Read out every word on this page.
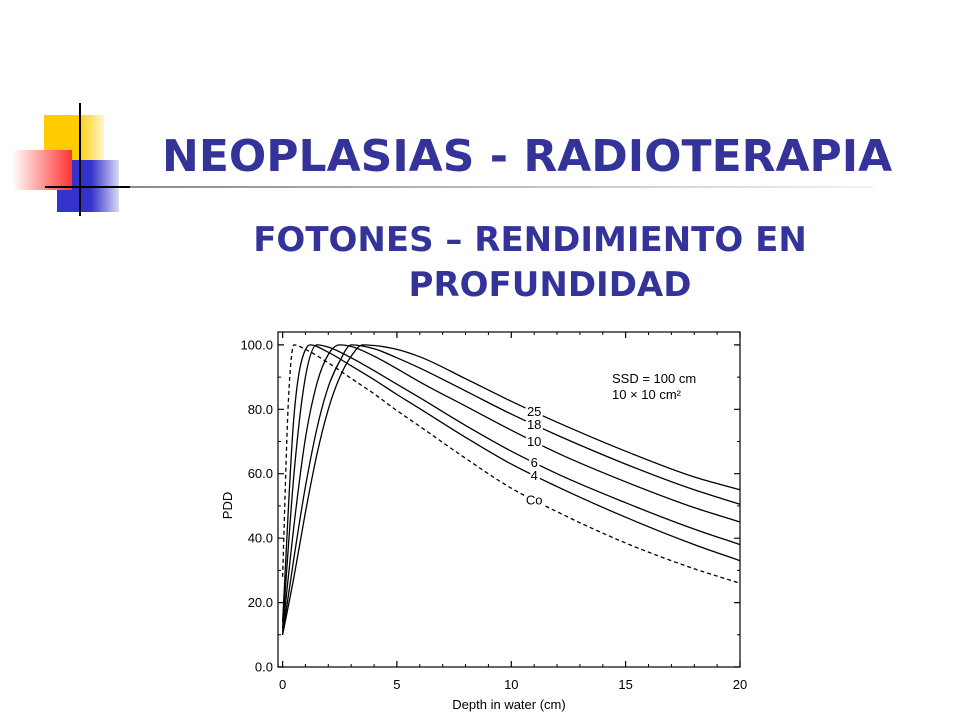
NEOPLASIAS - RADIOTERAPIA
FOTONES – RENDIMIENTO EN
PROFUNDIDAD
0.0
20.0
40.0
60.0
80.0
100.0
0	5	10	15	20
Depth in water (cm)
PDD
25
18
10
6
4
Co
SSD = 100 cm
10 × 10 cm²
